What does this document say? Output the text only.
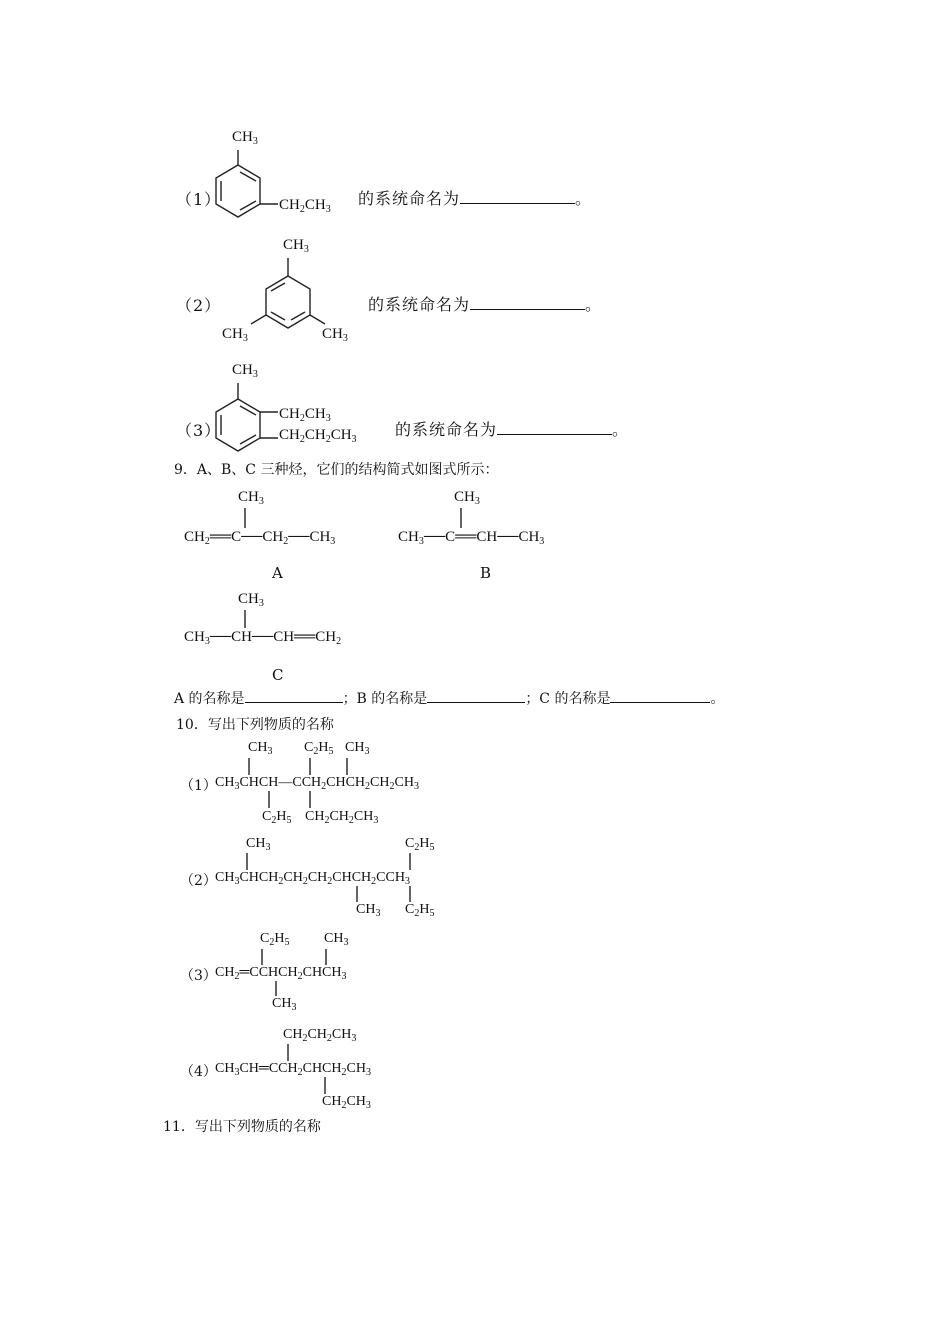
（1）
$CH_3$
$CH_2CH_3$
的系统命名为	。
（2）
$CH_3$
$CH_3$	$CH_3$
的系统命名为	。
（3）
$CH_3$
$CH_2CH_3$
$CH_2CH_2CH_3$
的系统命名为	。
9．A、B、C 三种烃，它们的结构简式如图式所示：
$CH_2══C──CH_2──CH_3$
$CH_3$
A
$CH_3──C══CH──CH_3$
$CH_3$
B
$CH_3──CH──CH══CH_2$
$CH_3$
C
A 的名称是	；B 的名称是	；C 的名称是	。
10．写出下列物质的名称
（1）
$CH_3CHCH—CCH_2CHCH_2CH_2CH_3$
$CH_3$ $C_2H_5$ $CH_3$
$C_2H_5$ $CH_2CH_2CH_3$
（2）
$CH_3CHCH_2CH_2CH_2CHCH_2CCH_3$
$CH_3$	$C_2H_5$
$CH_3$ $C_2H_5$
（3）
$CH_2═CCHCH_2CHCH_3$
$C_2H_5$ $CH_3$
$CH_3$
（4）
$CH_3CH═CCH_2CHCH_2CH_3$
$CH_2CH_2CH_3$
$CH_2CH_3$
11．写出下列物质的名称
